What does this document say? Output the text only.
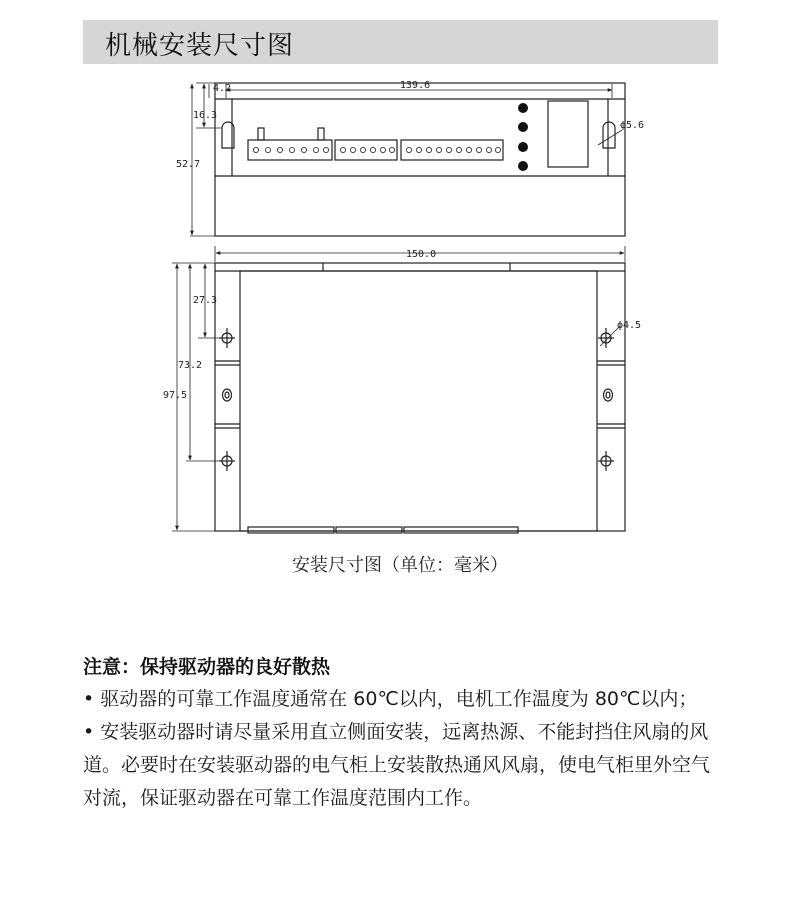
机械安装尺寸图
4.2	139.6
16.3
52.7
ϕ5.6
150.0
27.3
73.2
97.5
ϕ4.5
安装尺寸图（单位：毫米）
注意：保持驱动器的良好散热

• 驱动器的可靠工作温度通常在 60℃以内，电机工作温度为 80℃以内；

• 安装驱动器时请尽量采用直立侧面安装，远离热源、不能封挡住风扇的风道。必要时在安装驱动器的电气柜上安装散热通风风扇，使电气柜里外空气对流，保证驱动器在可靠工作温度范围内工作。
